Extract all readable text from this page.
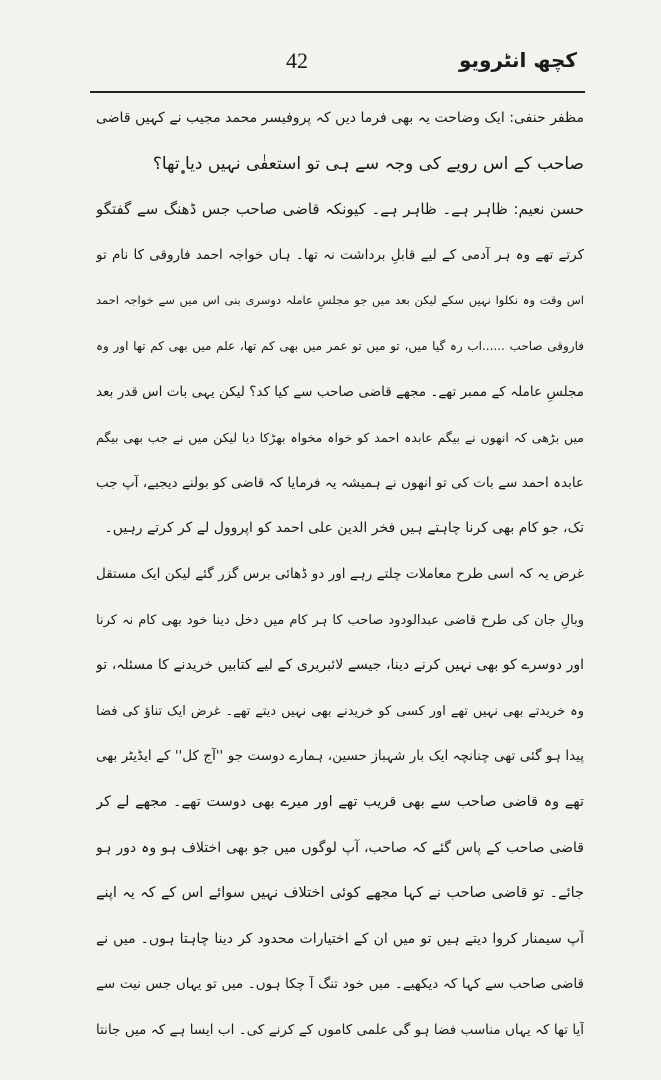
کچھ انٹرویو
42
مظفر حنفی: ایک وضاحت یہ بھی فرما دیں کہ پروفیسر محمد مجیب نے کہیں قاضی
صاحب کے اس رویے کی وجہ سے ہی تو استعفٰی نہیں دیا تھا؟
حسن نعیم: ظاہر ہے۔ ظاہر ہے۔ کیونکہ قاضی صاحب جس ڈھنگ سے گفتگو
کرتے تھے وہ ہر آدمی کے لیے قابلِ برداشت نہ تھا۔ ہاں خواجہ احمد فاروقی کا نام تو
اس وقت وہ نکلوا نہیں سکے لیکن بعد میں جو مجلسِ عاملہ دوسری بنی اس میں سے خواجہ احمد
فاروقی صاحب ......اب رہ گیا میں، تو میں تو عمر میں بھی کم تھا، علم میں بھی کم تھا اور وہ
مجلسِ عاملہ کے ممبر تھے۔ مجھے قاضی صاحب سے کیا کد؟ لیکن یہی بات اس قدر بعد
میں بڑھی کہ انھوں نے بیگم عابدہ احمد کو خواہ مخواہ بھڑکا دیا لیکن میں نے جب بھی بیگم
عابدہ احمد سے بات کی تو انھوں نے ہمیشہ یہ فرمایا کہ قاضی کو بولنے دیجیے، آپ جب
تک، جو کام بھی کرنا چاہتے ہیں فخر الدین علی احمد کو اپروول لے کر کرتے رہیں۔
غرض یہ کہ اسی طرح معاملات چلتے رہے اور دو ڈھائی برس گزر گئے لیکن ایک مستقل
وبالِ جان کی طرح قاضی عبدالودود صاحب کا ہر کام میں دخل دینا خود بھی کام نہ کرنا
اور دوسرے کو بھی نہیں کرنے دینا، جیسے لائبریری کے لیے کتابیں خریدنے کا مسئلہ، تو
وہ خریدتے بھی نہیں تھے اور کسی کو خریدنے بھی نہیں دیتے تھے۔ غرض ایک تناؤ کی فضا
پیدا ہو گئی تھی چنانچہ ایک بار شہباز حسین، ہمارے دوست جو ''آج کل'' کے ایڈیٹر بھی
تھے وہ قاضی صاحب سے بھی قریب تھے اور میرے بھی دوست تھے۔ مجھے لے کر
قاضی صاحب کے پاس گئے کہ صاحب، آپ لوگوں میں جو بھی اختلاف ہو وہ دور ہو
جائے۔ تو قاضی صاحب نے کہا مجھے کوئی اختلاف نہیں سوائے اس کے کہ یہ اپنے
آپ سیمنار کروا دیتے ہیں تو میں ان کے اختیارات محدود کر دینا چاہتا ہوں۔ میں نے
قاضی صاحب سے کہا کہ دیکھیے۔ میں خود تنگ آ چکا ہوں۔ میں تو یہاں جس نیت سے
آیا تھا کہ یہاں مناسب فضا ہو گی علمی کاموں کے کرنے کی۔ اب ایسا ہے کہ میں جانتا
